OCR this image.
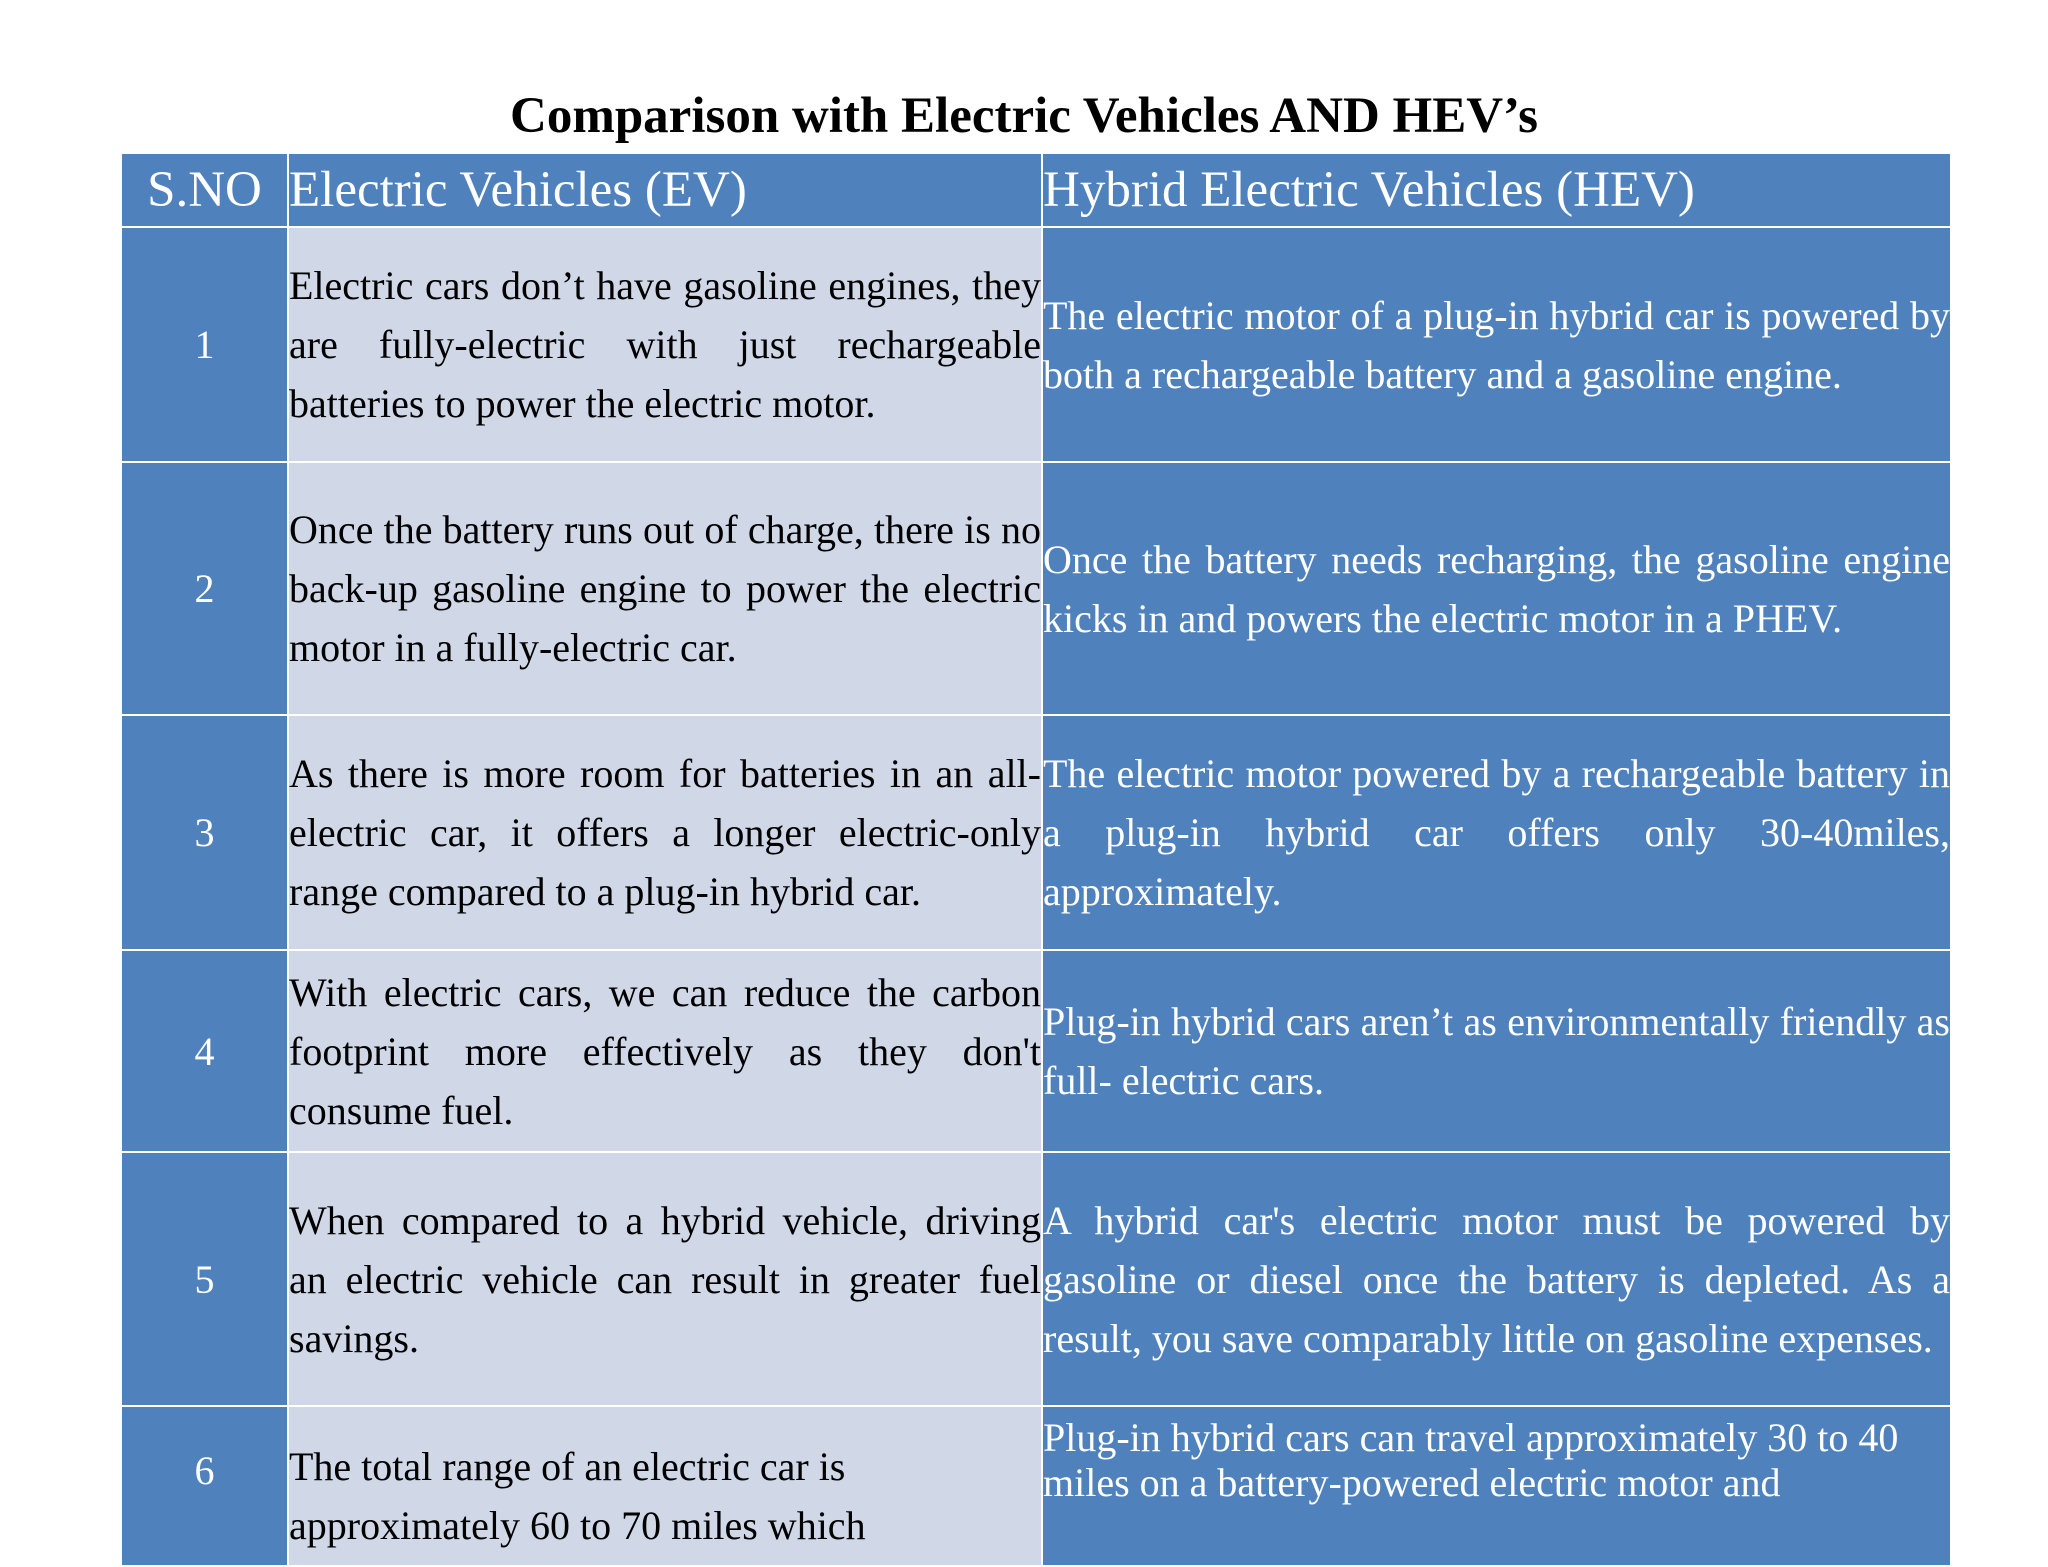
Comparison with Electric Vehicles AND HEV’s
S.NO	Electric Vehicles (EV)	Hybrid Electric Vehicles (HEV)
1	Electric cars don’t have gasoline engines, they are fully-electric with just rechargeable batteries to power the electric motor.	The electric motor of a plug-in hybrid car is powered by both a rechargeable battery and a gasoline engine.
2	Once the battery runs out of charge, there is no back-up gasoline engine to power the electric motor in a fully-electric car.	Once the battery needs recharging, the gasoline engine kicks in and powers the electric motor in a PHEV.
3	As there is more room for batteries in an all-electric car, it offers a longer electric-only range compared to a plug-in hybrid car.	The electric motor powered by a rechargeable battery in a plug-in hybrid car offers only 30-40miles, approximately.
4	With electric cars, we can reduce the carbon footprint more effectively as they don't consume fuel.	Plug-in hybrid cars aren’t as environmentally friendly as full- electric cars.
5	When compared to a hybrid vehicle, driving an electric vehicle can result in greater fuel savings.	A hybrid car's electric motor must be powered by gasoline or diesel once the battery is depleted. As a result, you save comparably little on gasoline expenses.
6	The total range of an electric car is approximately 60 to 70 miles which	Plug-in hybrid cars can travel approximately 30 to 40 miles on a battery-powered electric motor and
